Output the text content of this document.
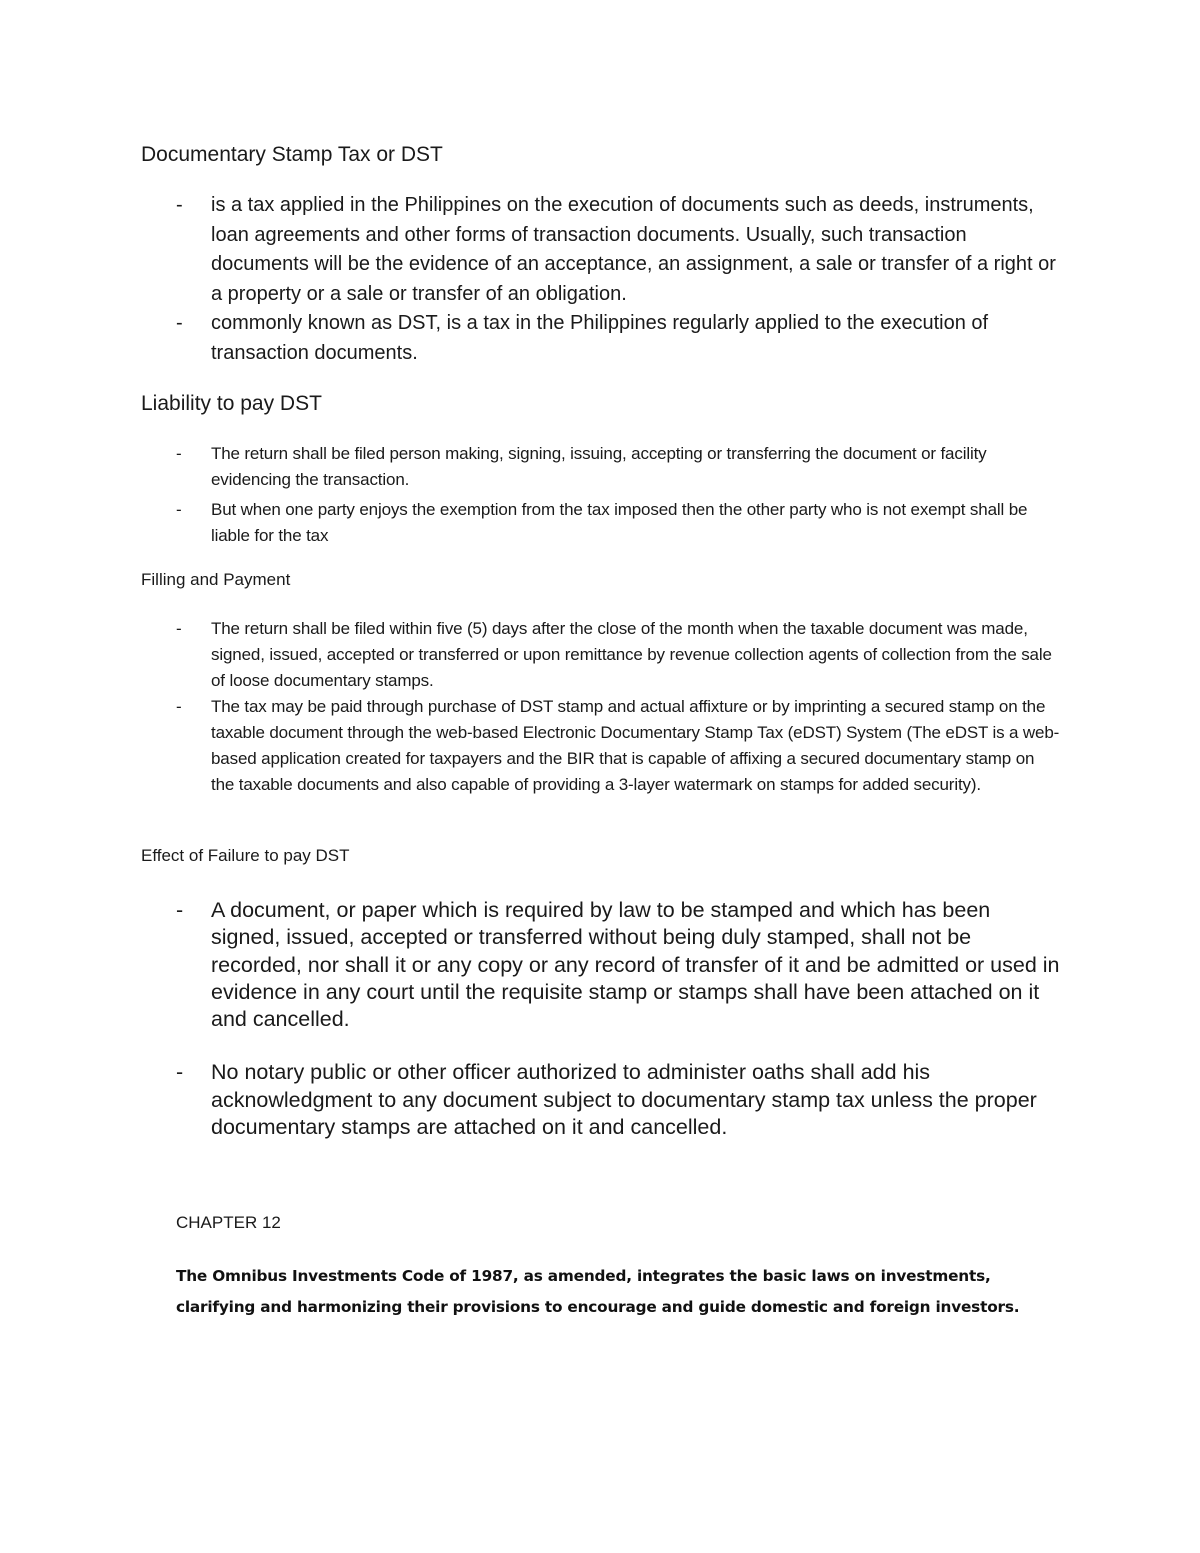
Documentary Stamp Tax or DST
- is a tax applied in the Philippines on the execution of documents such as deeds, instruments, loan agreements and other forms of transaction documents. Usually, such transaction documents will be the evidence of an acceptance, an assignment, a sale or transfer of a right or a property or a sale or transfer of an obligation.
- commonly known as DST, is a tax in the Philippines regularly applied to the execution of transaction documents.
Liability to pay DST
- The return shall be filed person making, signing, issuing, accepting or transferring the document or facility evidencing the transaction.
- But when one party enjoys the exemption from the tax imposed then the other party who is not exempt shall be liable for the tax
Filling and Payment
- The return shall be filed within five (5) days after the close of the month when the taxable document was made, signed, issued, accepted or transferred or upon remittance by revenue collection agents of collection from the sale of loose documentary stamps.
- The tax may be paid through purchase of DST stamp and actual affixture or by imprinting a secured stamp on the taxable document through the web-based Electronic Documentary Stamp Tax (eDST) System (The eDST is a web-based application created for taxpayers and the BIR that is capable of affixing a secured documentary stamp on the taxable documents and also capable of providing a 3-layer watermark on stamps for added security).
Effect of Failure to pay DST
- A document, or paper which is required by law to be stamped and which has been signed, issued, accepted or transferred without being duly stamped, shall not be recorded, nor shall it or any copy or any record of transfer of it and be admitted or used in evidence in any court until the requisite stamp or stamps shall have been attached on it and cancelled.
- No notary public or other officer authorized to administer oaths shall add his acknowledgment to any document subject to documentary stamp tax unless the proper documentary stamps are attached on it and cancelled.
CHAPTER 12

The Omnibus Investments Code of 1987, as amended, integrates the basic laws on investments, clarifying and harmonizing their provisions to encourage and guide domestic and foreign investors.
